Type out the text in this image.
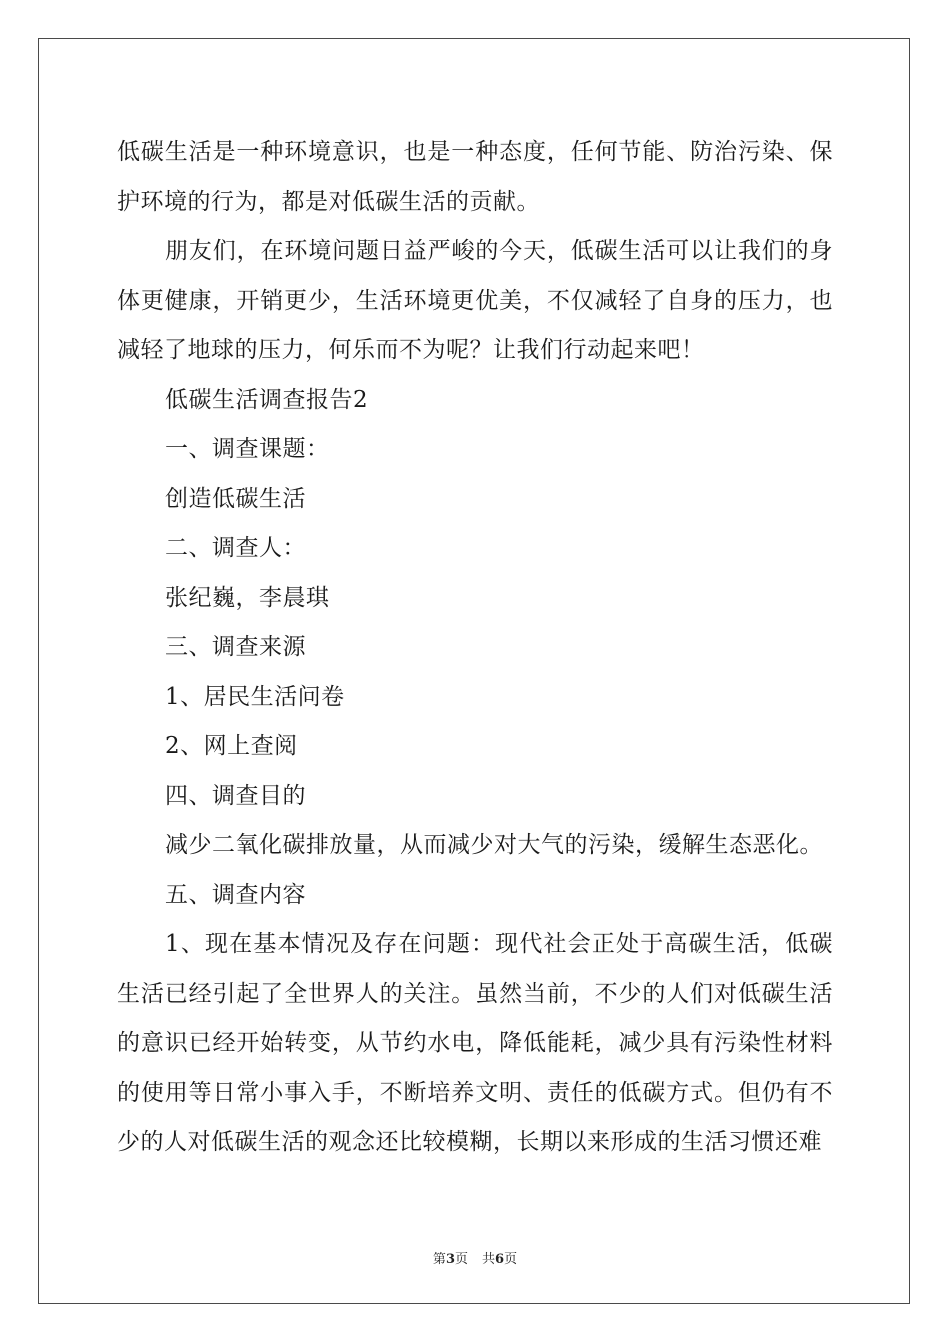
低碳生活是一种环境意识，也是一种态度，任何节能、防治污染、保护环境的行为，都是对低碳生活的贡献。

朋友们，在环境问题日益严峻的今天，低碳生活可以让我们的身体更健康，开销更少，生活环境更优美，不仅减轻了自身的压力，也减轻了地球的压力，何乐而不为呢？让我们行动起来吧！

低碳生活调查报告2

一、调查课题：

创造低碳生活

二、调查人：

张纪巍，李晨琪

三、调查来源

1、居民生活问卷

2、网上查阅

四、调查目的

减少二氧化碳排放量，从而减少对大气的污染，缓解生态恶化。

五、调查内容

1、现在基本情况及存在问题：现代社会正处于高碳生活，低碳生活已经引起了全世界人的关注。虽然当前，不少的人们对低碳生活的意识已经开始转变，从节约水电，降低能耗，减少具有污染性材料的使用等日常小事入手，不断培养文明、责任的低碳方式。但仍有不少的人对低碳生活的观念还比较模糊，长期以来形成的生活习惯还难

第3页 共6页
